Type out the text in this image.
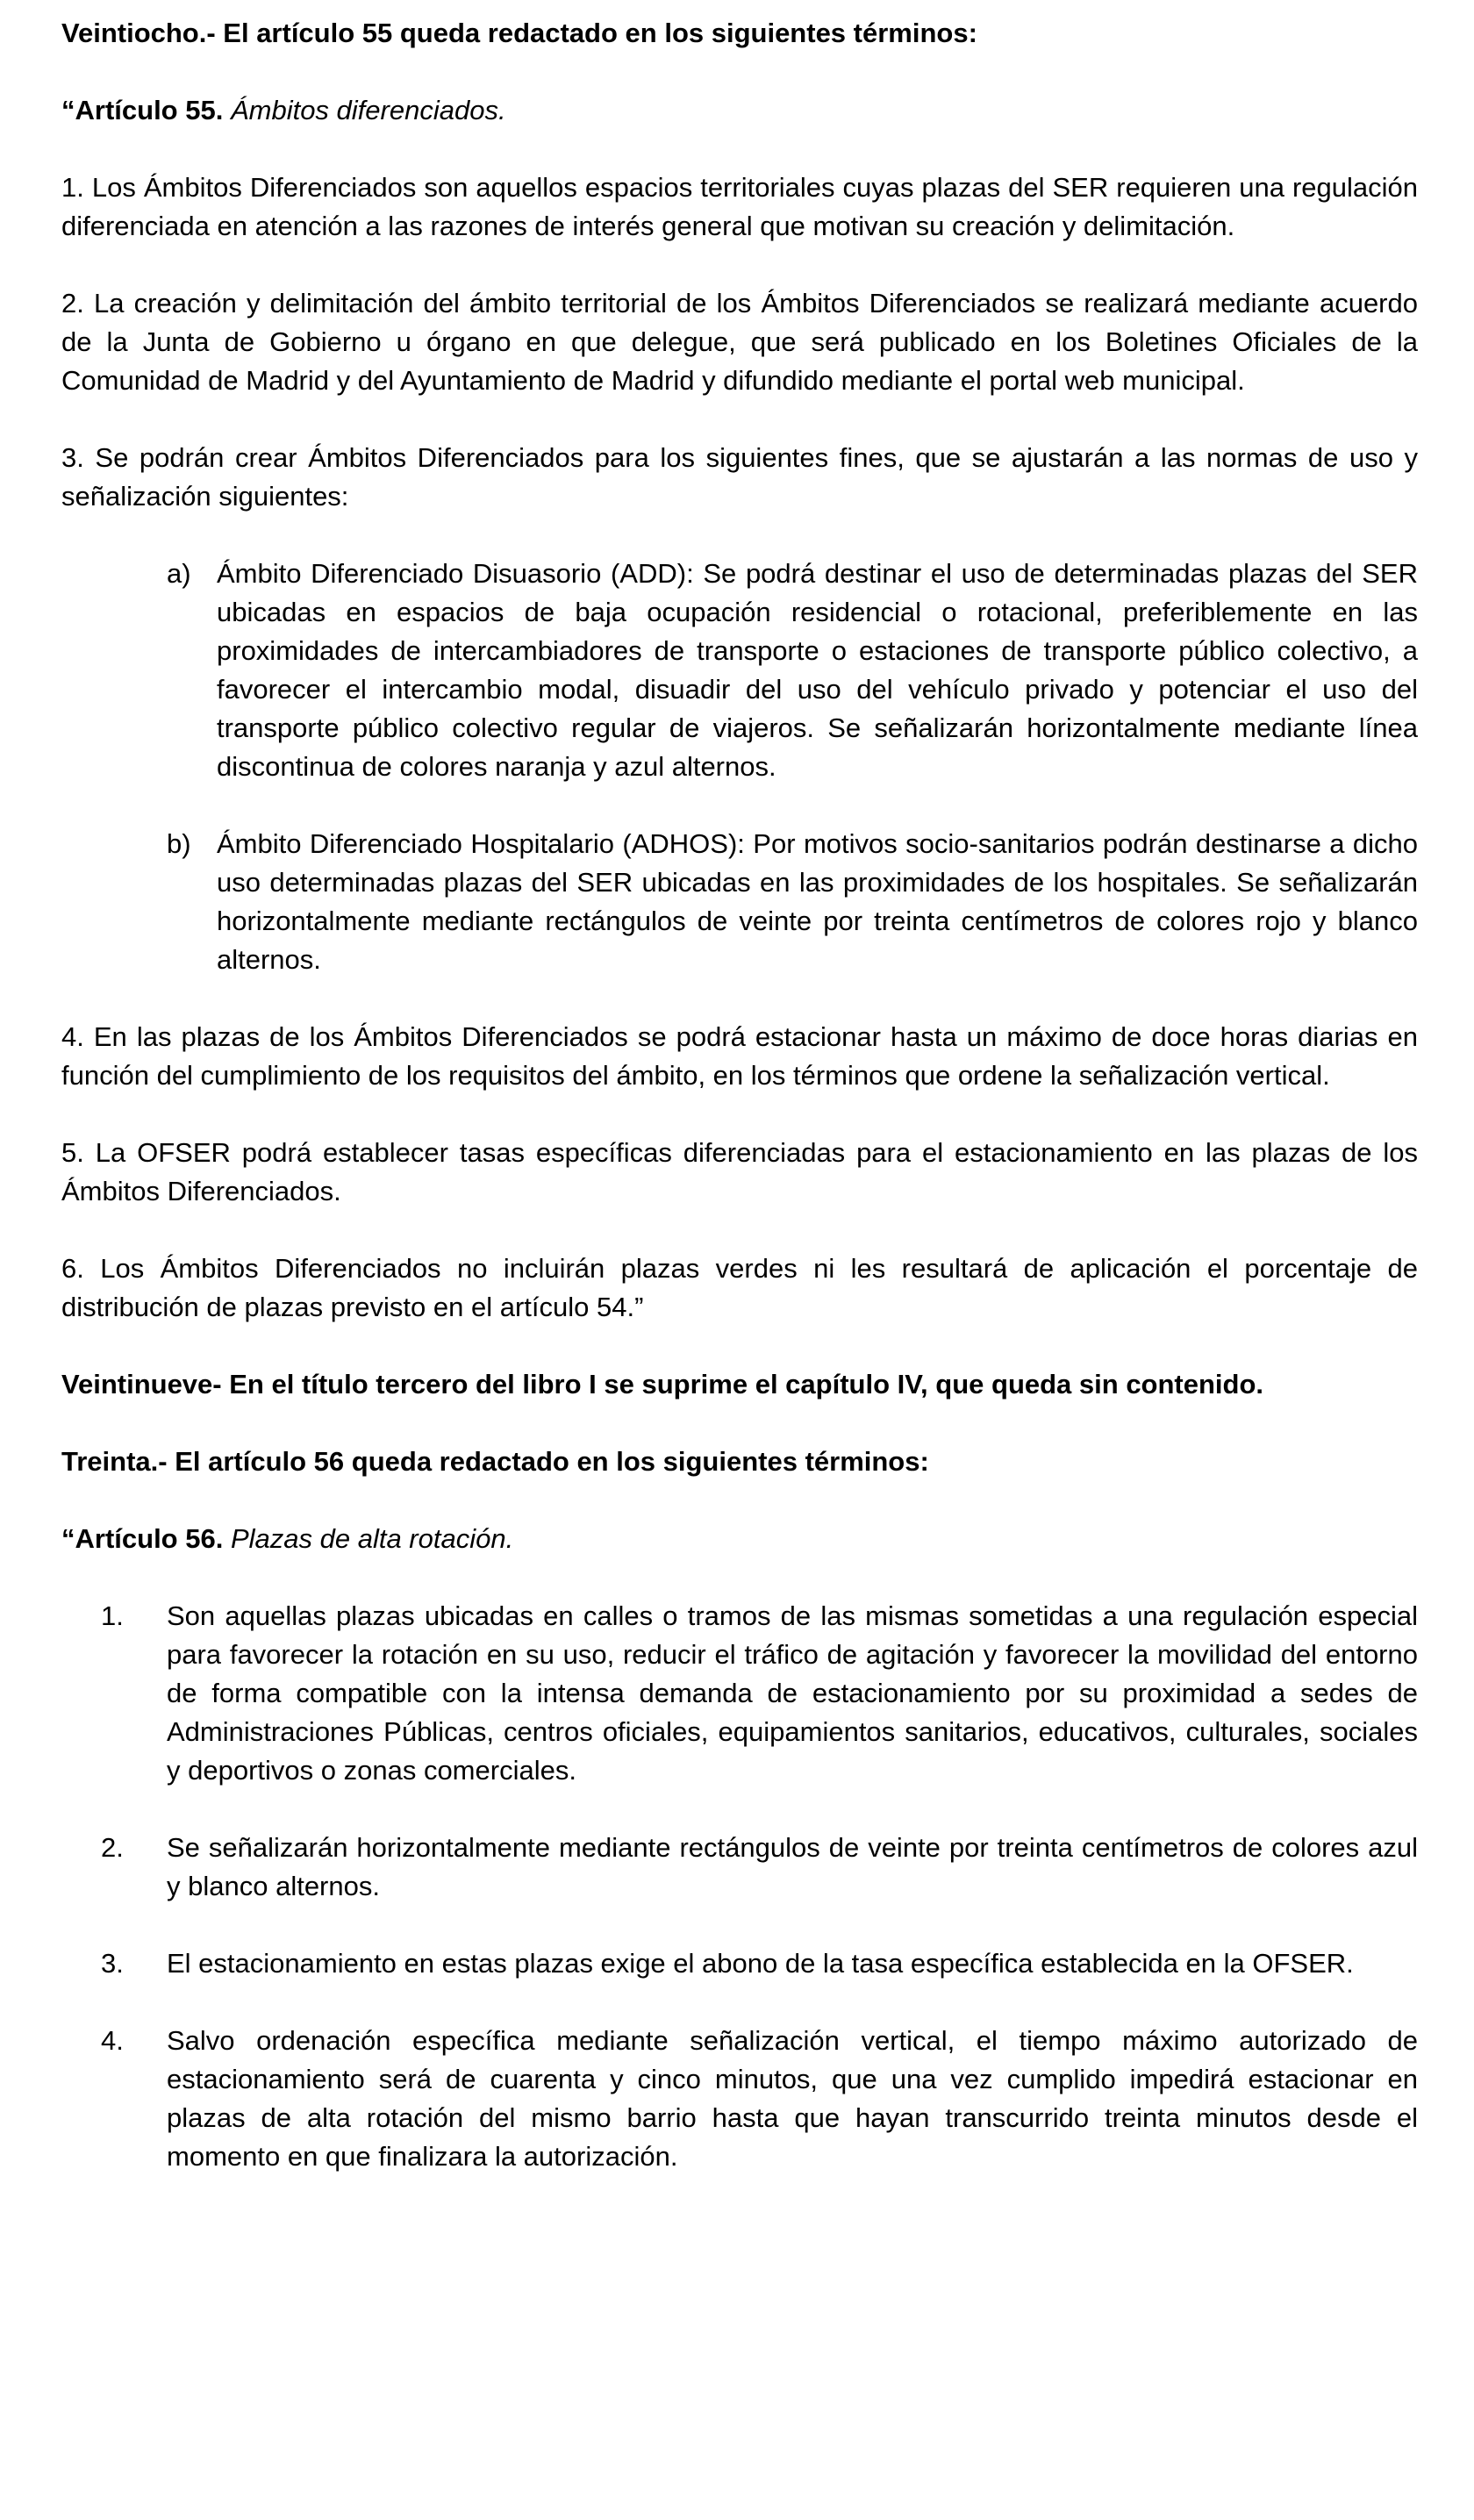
Veintiocho.- El artículo 55 queda redactado en los siguientes términos:

“Artículo 55. Ámbitos diferenciados.

1. Los Ámbitos Diferenciados son aquellos espacios territoriales cuyas plazas del SER requieren una regulación diferenciada en atención a las razones de interés general que motivan su creación y delimitación.

2. La creación y delimitación del ámbito territorial de los Ámbitos Diferenciados se realizará mediante acuerdo de la Junta de Gobierno u órgano en que delegue, que será publicado en los Boletines Oficiales de la Comunidad de Madrid y del Ayuntamiento de Madrid y difundido mediante el portal web municipal.

3. Se podrán crear Ámbitos Diferenciados para los siguientes fines, que se ajustarán a las normas de uso y señalización siguientes:

a) Ámbito Diferenciado Disuasorio (ADD): Se podrá destinar el uso de determinadas plazas del SER ubicadas en espacios de baja ocupación residencial o rotacional, preferiblemente en las proximidades de intercambiadores de transporte o estaciones de transporte público colectivo, a favorecer el intercambio modal, disuadir del uso del vehículo privado y potenciar el uso del transporte público colectivo regular de viajeros. Se señalizarán horizontalmente mediante línea discontinua de colores naranja y azul alternos.
b) Ámbito Diferenciado Hospitalario (ADHOS): Por motivos socio-sanitarios podrán destinarse a dicho uso determinadas plazas del SER ubicadas en las proximidades de los hospitales. Se señalizarán horizontalmente mediante rectángulos de veinte por treinta centímetros de colores rojo y blanco alternos.

4. En las plazas de los Ámbitos Diferenciados se podrá estacionar hasta un máximo de doce horas diarias en función del cumplimiento de los requisitos del ámbito, en los términos que ordene la señalización vertical.

5. La OFSER podrá establecer tasas específicas diferenciadas para el estacionamiento en las plazas de los Ámbitos Diferenciados.

6. Los Ámbitos Diferenciados no incluirán plazas verdes ni les resultará de aplicación el porcentaje de distribución de plazas previsto en el artículo 54.”

Veintinueve- En el título tercero del libro I se suprime el capítulo IV, que queda sin contenido.

Treinta.- El artículo 56 queda redactado en los siguientes términos:

“Artículo 56. Plazas de alta rotación.

1. Son aquellas plazas ubicadas en calles o tramos de las mismas sometidas a una regulación especial para favorecer la rotación en su uso, reducir el tráfico de agitación y favorecer la movilidad del entorno de forma compatible con la intensa demanda de estacionamiento por su proximidad a sedes de Administraciones Públicas, centros oficiales, equipamientos sanitarios, educativos, culturales, sociales y deportivos o zonas comerciales.
2. Se señalizarán horizontalmente mediante rectángulos de veinte por treinta centímetros de colores azul y blanco alternos.
3. El estacionamiento en estas plazas exige el abono de la tasa específica establecida en la OFSER.
4. Salvo ordenación específica mediante señalización vertical, el tiempo máximo autorizado de estacionamiento será de cuarenta y cinco minutos, que una vez cumplido impedirá estacionar en plazas de alta rotación del mismo barrio hasta que hayan transcurrido treinta minutos desde el momento en que finalizara la autorización.
